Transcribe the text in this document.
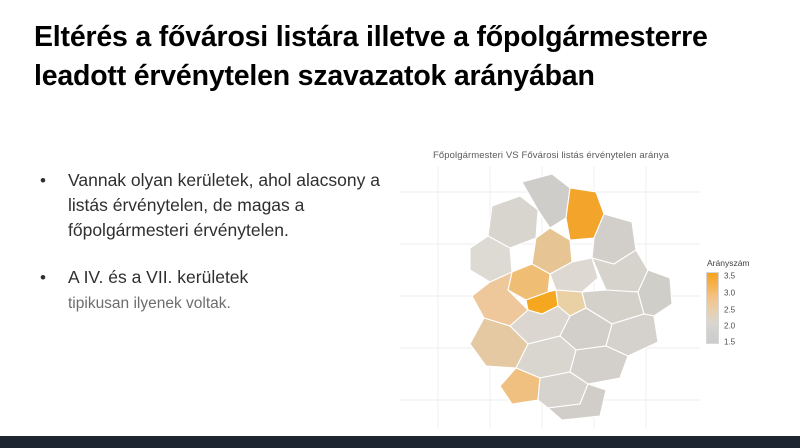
Eltérés a fővárosi listára illetve a főpolgármesterre leadott érvénytelen szavazatok arányában
• Vannak olyan kerületek, ahol alacsony a listás érvénytelen, de magas a főpolgármesteri érvénytelen.
• A IV. és a VII. kerületek
tipikusan ilyenek voltak.
Főpolgármesteri VS Fővárosi listás érvénytelen aránya
Arányszám
3.5
3.0
2.5
2.0
1.5
